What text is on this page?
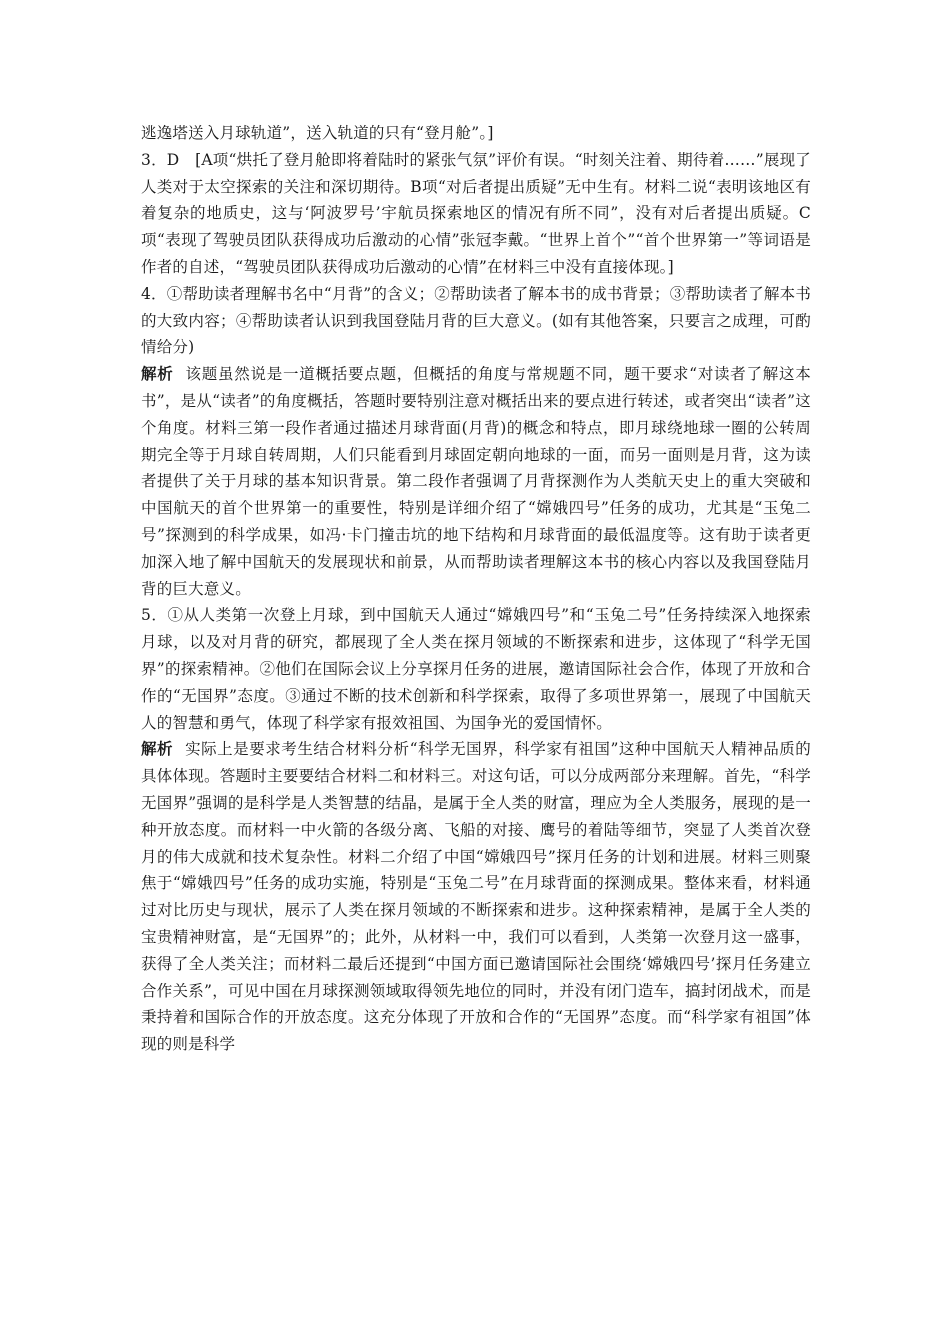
逃逸塔送入月球轨道”，送入轨道的只有“登月舱”。]

3．D　[A项“烘托了登月舱即将着陆时的紧张气氛”评价有误。“时刻关注着、期待着……”展现了人类对于太空探索的关注和深切期待。B项“对后者提出质疑”无中生有。材料二说“表明该地区有着复杂的地质史，这与‘阿波罗号’宇航员探索地区的情况有所不同”，没有对后者提出质疑。C项“表现了驾驶员团队获得成功后激动的心情”张冠李戴。“世界上首个”“首个世界第一”等词语是作者的自述，“驾驶员团队获得成功后激动的心情”在材料三中没有直接体现。]

4．①帮助读者理解书名中“月背”的含义；②帮助读者了解本书的成书背景；③帮助读者了解本书的大致内容；④帮助读者认识到我国登陆月背的巨大意义。(如有其他答案，只要言之成理，可酌情给分)

解析 该题虽然说是一道概括要点题，但概括的角度与常规题不同，题干要求“对读者了解这本书”，是从“读者”的角度概括，答题时要特别注意对概括出来的要点进行转述，或者突出“读者”这个角度。材料三第一段作者通过描述月球背面(月背)的概念和特点，即月球绕地球一圈的公转周期完全等于月球自转周期，人们只能看到月球固定朝向地球的一面，而另一面则是月背，这为读者提供了关于月球的基本知识背景。第二段作者强调了月背探测作为人类航天史上的重大突破和中国航天的首个世界第一的重要性，特别是详细介绍了“嫦娥四号”任务的成功，尤其是“玉兔二号”探测到的科学成果，如冯·卡门撞击坑的地下结构和月球背面的最低温度等。这有助于读者更加深入地了解中国航天的发展现状和前景，从而帮助读者理解这本书的核心内容以及我国登陆月背的巨大意义。

5．①从人类第一次登上月球，到中国航天人通过“嫦娥四号”和“玉兔二号”任务持续深入地探索月球，以及对月背的研究，都展现了全人类在探月领域的不断探索和进步，这体现了“科学无国界”的探索精神。②他们在国际会议上分享探月任务的进展，邀请国际社会合作，体现了开放和合作的“无国界”态度。③通过不断的技术创新和科学探索，取得了多项世界第一，展现了中国航天人的智慧和勇气，体现了科学家有报效祖国、为国争光的爱国情怀。

解析 实际上是要求考生结合材料分析“科学无国界，科学家有祖国”这种中国航天人精神品质的具体体现。答题时主要要结合材料二和材料三。对这句话，可以分成两部分来理解。首先，“科学无国界”强调的是科学是人类智慧的结晶，是属于全人类的财富，理应为全人类服务，展现的是一种开放态度。而材料一中火箭的各级分离、飞船的对接、鹰号的着陆等细节，突显了人类首次登月的伟大成就和技术复杂性。材料二介绍了中国“嫦娥四号”探月任务的计划和进展。材料三则聚焦于“嫦娥四号”任务的成功实施，特别是“玉兔二号”在月球背面的探测成果。整体来看，材料通过对比历史与现状，展示了人类在探月领域的不断探索和进步。这种探索精神，是属于全人类的宝贵精神财富，是“无国界”的；此外，从材料一中，我们可以看到，人类第一次登月这一盛事，获得了全人类关注；而材料二最后还提到“中国方面已邀请国际社会围绕‘嫦娥四号’探月任务建立合作关系”，可见中国在月球探测领域取得领先地位的同时，并没有闭门造车，搞封闭战术，而是秉持着和国际合作的开放态度。这充分体现了开放和合作的“无国界”态度。而“科学家有祖国”体现的则是科学
